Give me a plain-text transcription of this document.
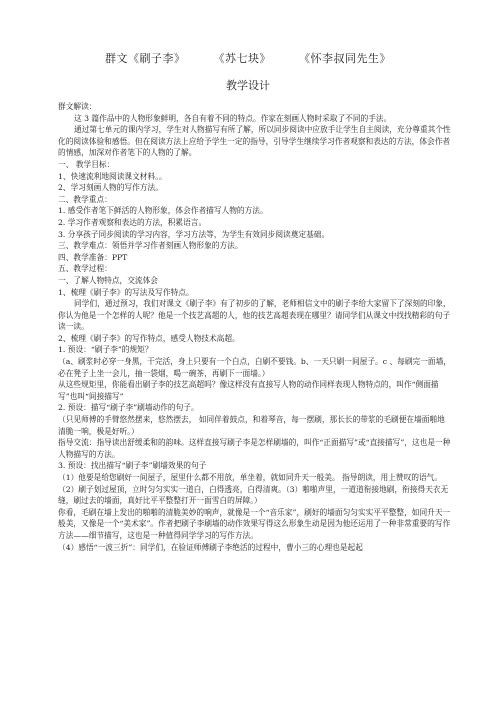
群文《刷子李》	《苏七块》	《怀李叔同先生》
教学设计

群文解读：

这 3 篇作品中的人物形象鲜明，各自有着不同的特点。作家在刻画人物时采取了不同的手法。

通过第七单元的课内学习，学生对人物描写有所了解，所以同步阅读中应放手让学生自主阅读，充分尊重其个性化的阅读体验和感悟。但在阅读方法上应给予学生一定的指导，引导学生继续学习作者观察和表达的方法，体会作者的情感，加深对作者笔下的人物的了解。

一、 教学目标：

1、快速流利地阅读课文材料。。

2、学习刻画人物的写作方法。

二、教学重点：

1. 感受作者笔下鲜活的人物形象，体会作者描写人物的方法。

2. 学习作者观察和表达的方法，积累语言。

3. 分享孩子同步阅读的学习内容，学习方法等，为学生有效同步阅读奠定基础。

三、教学难点：领悟并学习作者刻画人物形象的方法。

四、教学准备：PPT

五、教学过程：

一、了解人物特点，交流体会

1、梳理《刷子李》的写法及写作特点。

同学们，通过预习，我们对课文《刷子李》有了初步的了解，老师相信文中的刷子李给大家留下了深刻的印象，你认为他是一个怎样的人呢？他是一个技艺高超的人，他的技艺高超表现在哪里？请同学们从课文中找找精彩的句子读一读。

2、梳理《刷子李》的写作特点，感受人物技术高超。

1. 预设：“刷子李”的规矩？

（a、刷浆时必穿一身黑，干完活，身上只要有一个白点，白刷不要钱。b、一天只刷一间屋子。c 、每刷完一面墙，必在凳子上坐一会儿，抽一袋烟，喝一碗茶，再刷下一面墙。）

从这些规矩里，你能看出刷子李的技艺高超吗？像这样没有直接写人物的动作同样表现人物特点的，叫作“侧面描写”也叫“间接描写”

2. 预设：描写“刷子李”刷墙动作的句子。

（只见师傅的手臂悠然摆来，悠然摆去， 如同伴着鼓点，和着琴音，每一摆刷，那长长的带浆的毛刷便在墙面啪地清脆一响，极是好听。）

指导交流：指导读出舒缓柔和的韵味。这样直接写刷子李是怎样刷墙的，叫作“正面描写”或“直接描写”，这也是一种人物描写的方法。

3. 预设：找出描写“刷子李”刷墙效果的句子

（1）他要是给您刷好一间屋子，屋里什么都不用放，单坐着，就如同升天一般美。 指导朗读，用上赞叹的语气。 （2）刷子划过屋顶，立时匀匀实实一道白，白得透亮，白得清爽。（3）啪啪声里，一道道衔接地刷，衔接得天衣无缝，刷过去的墙面，真好比平平整整打开一面雪白的屏障。）

你看，毛刷在墙上发出的啪啪的清脆美妙的响声，就像是一个“音乐家”，刷好的墙面匀匀实实平平整整，如同升天一般美，又像是一个“美术家”。作者把刷子李刷墙的动作效果写得这么形象生动是因为他还运用了一种非常重要的写作方法——细节描写，这也是一种值得同学学习的写作方法。

（4）感悟“一波三折”：同学们，在验证师傅刷子李绝活的过程中，曹小三的心理也是起起
